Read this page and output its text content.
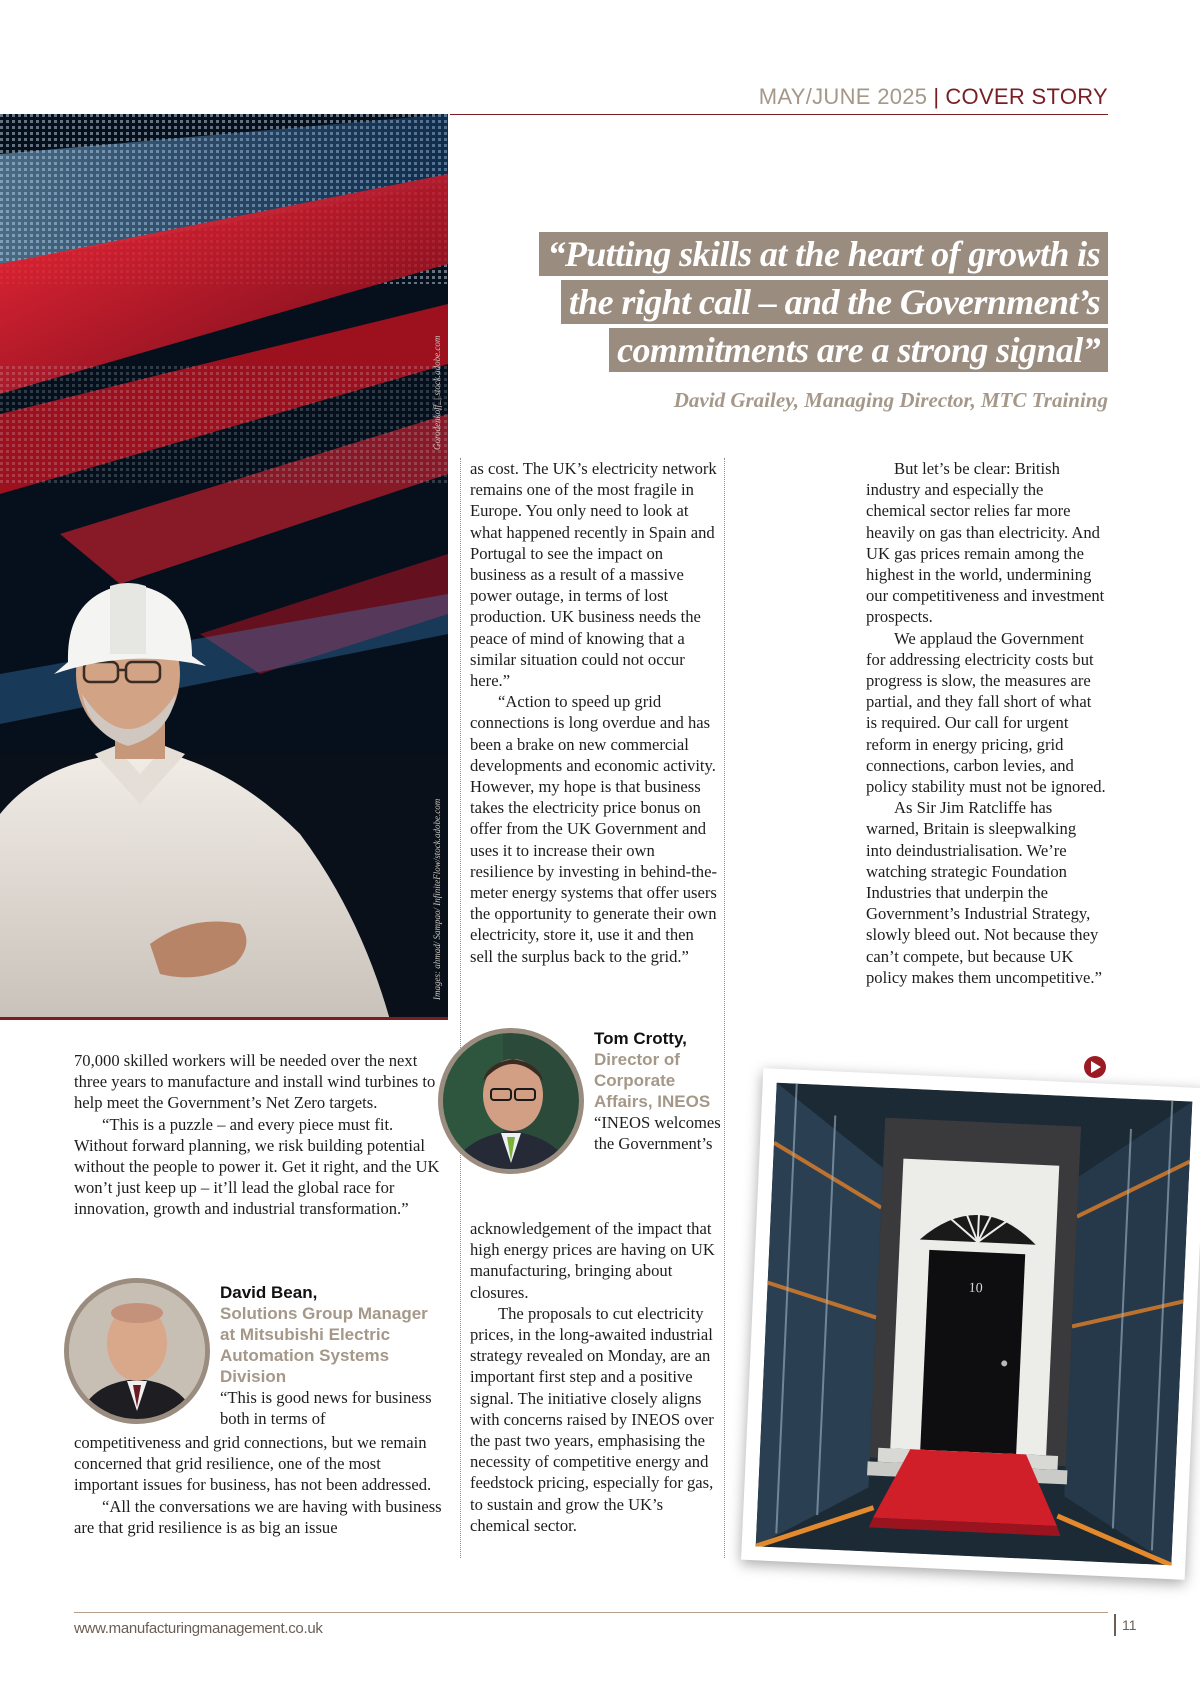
MAY/JUNE 2025 | COVER STORY
Gorodenkoff_| stock.adobe.com
Images: ahmad/ Sampao/ InfiniteFlow/stock.adobe.com
“Putting skills at the heart of growth is
the right call – and the Government’s
commitments are a strong signal”
David Grailey, Managing Director, MTC Training

70,000 skilled workers will be needed over the next three years to manufacture and install wind turbines to help meet the Government’s Net Zero targets.

“This is a puzzle – and every piece must fit. Without forward planning, we risk building potential without the people to power it. Get it right, and the UK won’t just keep up – it’ll lead the global race for innovation, growth and industrial transformation.”

David Bean,
Solutions Group Manager at Mitsubishi Electric Automation Systems Division

“This is good news for business both in terms of

competitiveness and grid connections, but we remain concerned that grid resilience, one of the most important issues for business, has not been addressed.

“All the conversations we are having with business are that grid resilience is as big an issue

as cost. The UK’s electricity network remains one of the most fragile in Europe. You only need to look at what happened recently in Spain and Portugal to see the impact on business as a result of a massive power outage, in terms of lost production. UK business needs the peace of mind of knowing that a similar situation could not occur here.”

“Action to speed up grid connections is long overdue and has been a brake on new commercial developments and economic activity. However, my hope is that business takes the electricity price bonus on offer from the UK Government and uses it to increase their own resilience by investing in behind-the-meter energy systems that offer users the opportunity to generate their own electricity, store it, use it and then sell the surplus back to the grid.”

Tom Crotty,
Director of Corporate Affairs, INEOS

“INEOS welcomes the Government’s

acknowledgement of the impact that high energy prices are having on UK manufacturing, bringing about closures.

The proposals to cut electricity prices, in the long-awaited industrial strategy revealed on Monday, are an important first step and a positive signal. The initiative closely aligns with concerns raised by INEOS over the past two years, emphasising the necessity of competitive energy and feedstock pricing, especially for gas, to sustain and grow the UK’s chemical sector.

But let’s be clear: British industry and especially the chemical sector relies far more heavily on gas than electricity. And UK gas prices remain among the highest in the world, undermining our competitiveness and investment prospects.

We applaud the Government for addressing electricity costs but progress is slow, the measures are partial, and they fall short of what is required. Our call for urgent reform in energy pricing, grid connections, carbon levies, and policy stability must not be ignored.

As Sir Jim Ratcliffe has warned, Britain is sleepwalking into deindustrialisation. We’re watching strategic Foundation Industries that underpin the Government’s Industrial Strategy, slowly bleed out. Not because they can’t compete, but because UK policy makes them uncompetitive.”

10
www.manufacturingmanagement.co.uk	11
